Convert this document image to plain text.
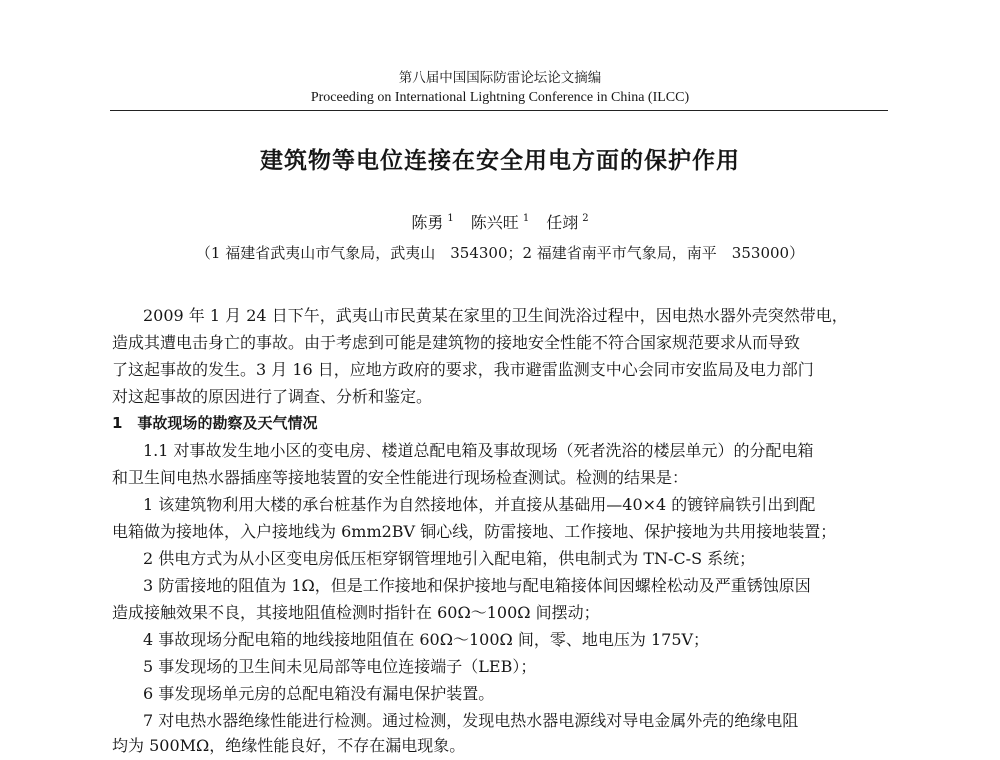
第八届中国国际防雷论坛论文摘编
Proceeding on International Lightning Conference in China (ILCC)
建筑物等电位连接在安全用电方面的保护作用
陈勇 $^1$ 陈兴旺 $^1$ 任翊 $^2$
（1 福建省武夷山市气象局，武夷山　354300；2 福建省南平市气象局，南平　353000）
2009 年 1 月 24 日下午，武夷山市民黄某在家里的卫生间洗浴过程中，因电热水器外壳突然带电，
造成其遭电击身亡的事故。由于考虑到可能是建筑物的接地安全性能不符合国家规范要求从而导致
了这起事故的发生。3 月 16 日，应地方政府的要求，我市避雷监测支中心会同市安监局及电力部门
对这起事故的原因进行了调查、分析和鉴定。
1　事故现场的勘察及天气情况
1.1 对事故发生地小区的变电房、楼道总配电箱及事故现场（死者洗浴的楼层单元）的分配电箱
和卫生间电热水器插座等接地装置的安全性能进行现场检查测试。检测的结果是：
1 该建筑物利用大楼的承台桩基作为自然接地体，并直接从基础用—40×4 的镀锌扁铁引出到配
电箱做为接地体，入户接地线为 6mm2BV 铜心线，防雷接地、工作接地、保护接地为共用接地装置；
2 供电方式为从小区变电房低压柜穿钢管埋地引入配电箱，供电制式为 TN-C-S 系统；
3 防雷接地的阻值为 1Ω，但是工作接地和保护接地与配电箱接体间因螺栓松动及严重锈蚀原因
造成接触效果不良，其接地阻值检测时指针在 60Ω～100Ω 间摆动；
4 事故现场分配电箱的地线接地阻值在 60Ω～100Ω 间，零、地电压为 175V；
5 事发现场的卫生间未见局部等电位连接端子（LEB）；
6 事发现场单元房的总配电箱没有漏电保护装置。
7 对电热水器绝缘性能进行检测。通过检测，发现电热水器电源线对导电金属外壳的绝缘电阻
均为 500MΩ，绝缘性能良好，不存在漏电现象。
